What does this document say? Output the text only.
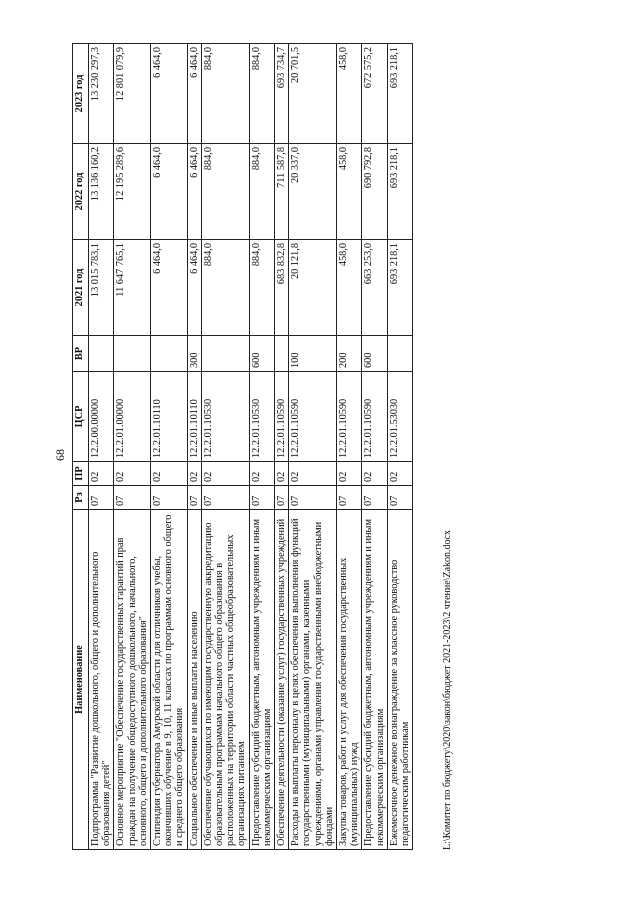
68
Наименование	Рз	ПР	ЦСР	ВР	2021 год	2022 год	2023 год
Подпрограмма "Развитие дошкольного, общего и дополнительного образования детей"	07	02	12.2.00.00000		13 015 783,1	13 136 160,2	13 230 297,3
Основное мероприятие "Обеспечение государственных гарантий прав граждан на получение общедоступного дошкольного, начального, основного, общего и дополнительного образования"	07	02	12.2.01.00000		11 647 765,1	12 195 289,6	12 801 079,9
Стипендия губернатора Амурской области для отличников учебы, окончивших обучение в 9, 10, 11 классах по программам основного общего и среднего общего образования	07	02	12.2.01.10110		6 464,0	6 464,0	6 464,0
Социальное обеспечение и иные выплаты населению	07	02	12.2.01.10110	300	6 464,0	6 464,0	6 464,0
Обеспечение обучающихся по имеющим государственную аккредитацию образовательным программам начального общего образования в расположенных на территории области частных общеобразовательных организациях питанием	07	02	12.2.01.10530		884,0	884,0	884,0
Предоставление субсидий бюджетным, автономным учреждениям и иным некоммерческим организациям	07	02	12.2.01.10530	600	884,0	884,0	884,0
Обеспечение деятельности (оказание услуг) государственных учреждений	07	02	12.2.01.10590		683 832,8	711 587,8	693 734,7
Расходы на выплаты персоналу в целях обеспечения выполнения функций государственными (муниципальными) органами, казенными учреждениями, органами управления государственными внебюджетными фондами	07	02	12.2.01.10590	100	20 121,8	20 337,0	20 701,5
Закупка товаров, работ и услуг для обеспечения государственных (муниципальных) нужд	07	02	12.2.01.10590	200	458,0	458,0	458,0
Предоставление субсидий бюджетным, автономным учреждениям и иным некоммерческим организациям	07	02	12.2.01.10590	600	663 253,0	690 792,8	672 575,2
Ежемесячное денежное вознаграждение за классное руководство педагогическим работникам	07	02	12.2.01.53030		693 218,1	693 218,1	693 218,1
L:\Комитет по бюджету\2020\закон\бюджет 2021-2023\2 чтение\Zakon.docx
